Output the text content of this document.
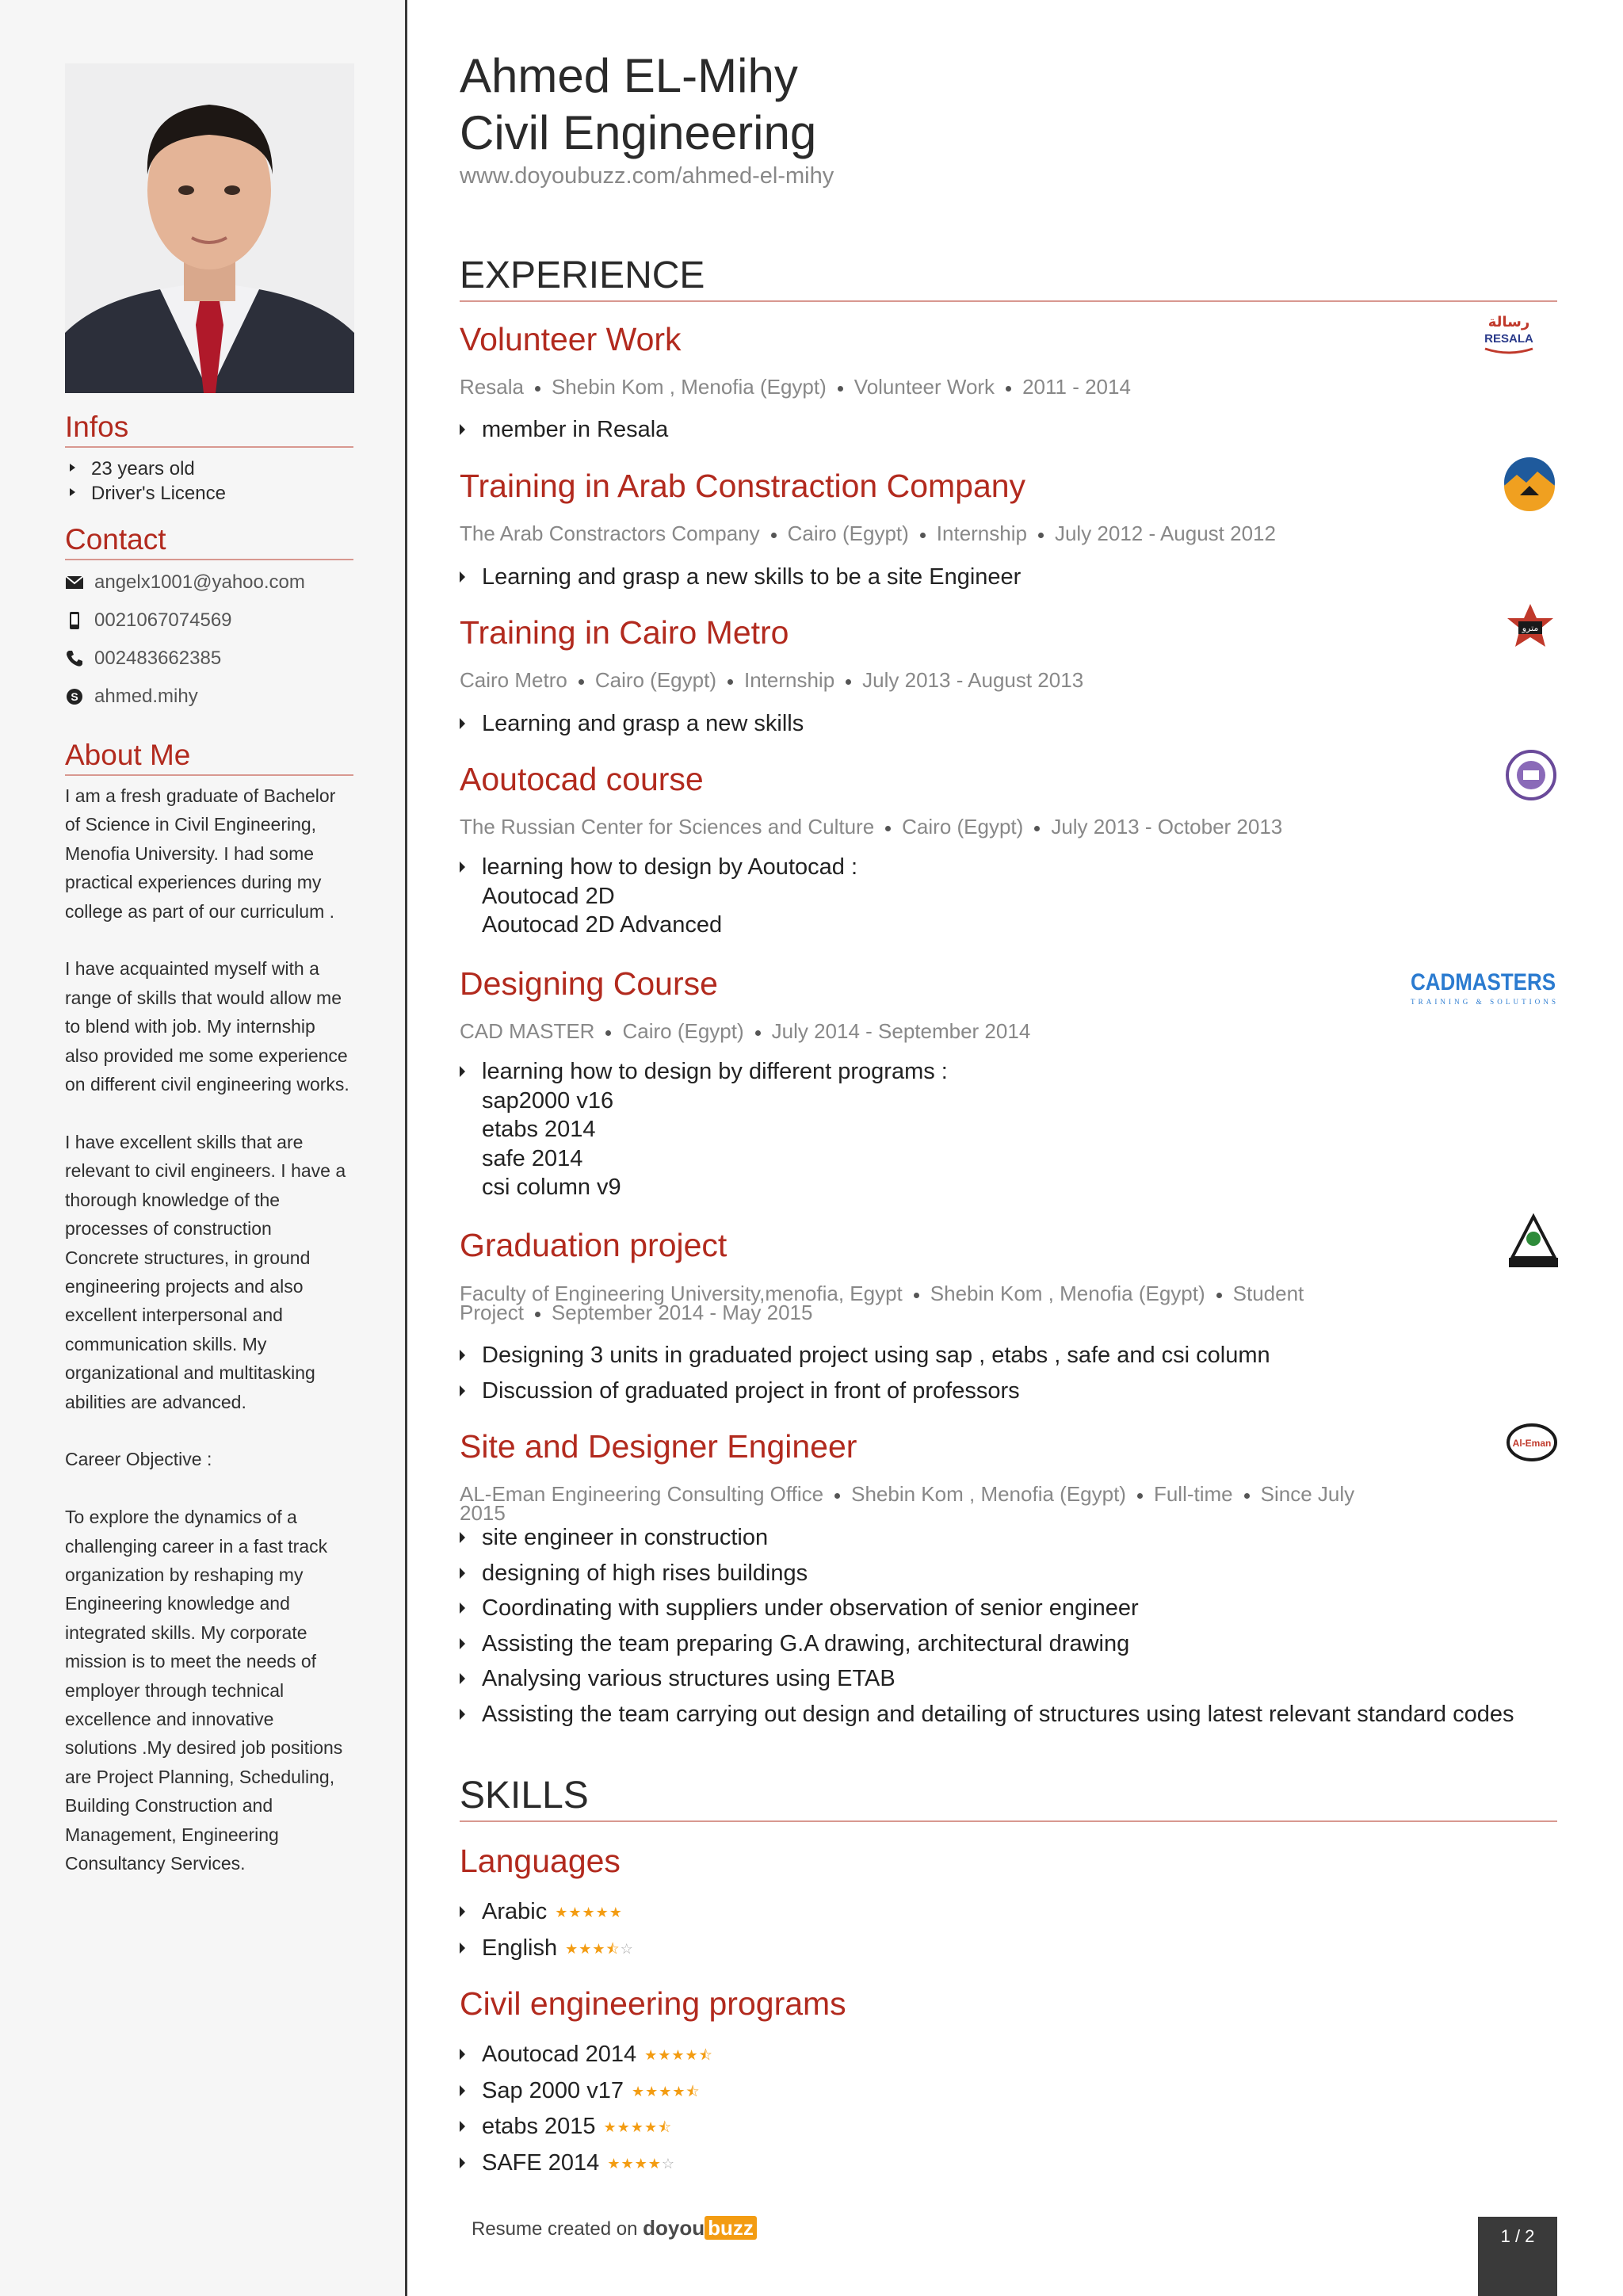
Infos
23 years old
Driver's Licence
Contact
angelx1001@yahoo.com
0021067074569
002483662385
S ahmed.mihy
About Me
I am a fresh graduate of Bachelor
of Science in Civil Engineering,
Menofia University. I had some
practical experiences during my
college as part of our curriculum .

I have acquainted myself with a
range of skills that would allow me
to blend with job. My internship
also provided me some experience
on different civil engineering works.

I have excellent skills that are
relevant to civil engineers. I have a
thorough knowledge of the
processes of construction
Concrete structures, in ground
engineering projects and also
excellent interpersonal and
communication skills. My
organizational and multitasking
abilities are advanced.

Career Objective :

To explore the dynamics of a
challenging career in a fast track
organization by reshaping my
Engineering knowledge and
integrated skills. My corporate
mission is to meet the needs of
employer through technical
excellence and innovative
solutions .My desired job positions
are Project Planning, Scheduling,
Building Construction and
Management, Engineering
Consultancy Services.
Ahmed EL-Mihy
Civil Engineering
www.doyoubuzz.com/ahmed-el-mihy
EXPERIENCE
Volunteer Work	رسالة
RESALA
Resala Shebin Kom , Menofia (Egypt) Volunteer Work 2011 - 2014
member in Resala
Training in Arab Constraction Company
The Arab Constractors Company Cairo (Egypt) Internship July 2012 - August 2012
Learning and grasp a new skills to be a site Engineer
Training in Cairo Metro	مترو
Cairo Metro Cairo (Egypt) Internship July 2013 - August 2013
Learning and grasp a new skills
Aoutocad course
The Russian Center for Sciences and Culture Cairo (Egypt) July 2013 - October 2013
learning how to design by Aoutocad :
Aoutocad 2D
Aoutocad 2D Advanced
Designing Course	CADMASTERS
TRAINING & SOLUTIONS
CAD MASTER Cairo (Egypt) July 2014 - September 2014
learning how to design by different programs :
sap2000 v16
etabs 2014
safe 2014
csi column v9
Graduation project
Faculty of Engineering University,menofia, Egypt Shebin Kom , Menofia (Egypt) Student Project September 2014 - May 2015
Designing 3 units in graduated project using sap , etabs , safe and csi column
Discussion of graduated project in front of professors
Site and Designer Engineer	Al-Eman
AL-Eman Engineering Consulting Office Shebin Kom , Menofia (Egypt) Full-time Since July 2015
site engineer in construction
designing of high rises buildings
Coordinating with suppliers under observation of senior engineer
Assisting the team preparing G.A drawing, architectural drawing
Analysing various structures using ETAB
Assisting the team carrying out design and detailing of structures using latest relevant standard codes
SKILLS
Languages
Arabic ★★★★★
English ★★★⯪☆
Civil engineering programs
Aoutocad 2014 ★★★★⯪
Sap 2000 v17 ★★★★⯪
etabs 2015 ★★★★⯪
SAFE 2014 ★★★★☆
Resume created on doyou buzz	1 / 2
